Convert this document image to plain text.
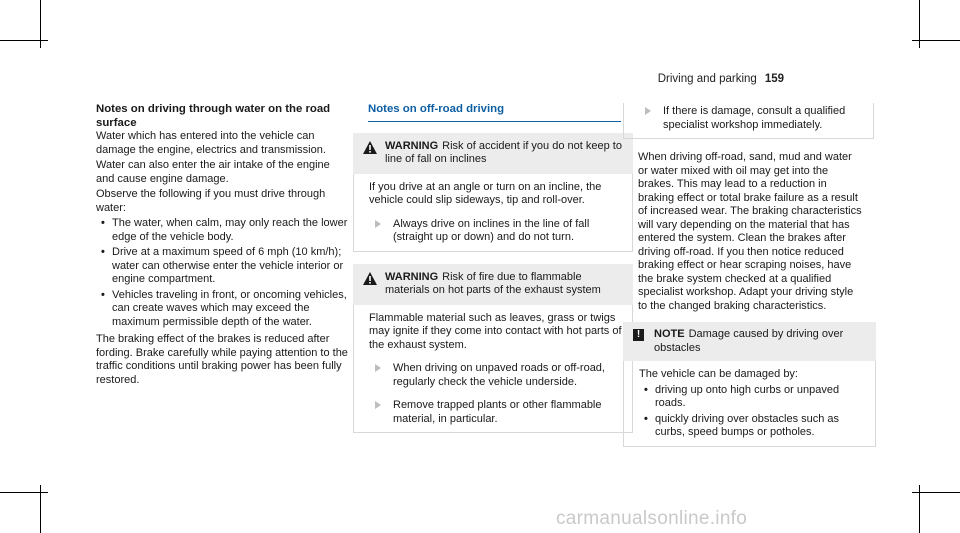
Driving and parking 159
Notes on driving through water on the road surface

Water which has entered into the vehicle can damage the engine, electrics and transmission.

Water can also enter the air intake of the engine and cause engine damage.

Observe the following if you must drive through water:

• The water, when calm, may only reach the lower edge of the vehicle body.
• Drive at a maximum speed of 6 mph (10 km/h); water can otherwise enter the vehicle interior or engine compartment.
• Vehicles traveling in front, or oncoming vehicles, can create waves which may exceed the maximum permissible depth of the water.

The braking effect of the brakes is reduced after fording. Brake carefully while paying attention to the traffic conditions until braking power has been fully restored.

Notes on off-road driving
WARNING Risk of accident if you do not keep to line of fall on inclines

If you drive at an angle or turn on an incline, the vehicle could slip sideways, tip and roll-over.

Always drive on inclines in the line of fall (straight up or down) and do not turn.
WARNING Risk of fire due to flammable materials on hot parts of the exhaust system

Flammable material such as leaves, grass or twigs may ignite if they come into contact with hot parts of the exhaust system.

When driving on unpaved roads or off-road, regularly check the vehicle underside.
Remove trapped plants or other flammable material, in particular.
If there is damage, consult a qualified specialist workshop immediately.

When driving off-road, sand, mud and water or water mixed with oil may get into the brakes. This may lead to a reduction in braking effect or total brake failure as a result of increased wear. The braking characteristics will vary depending on the material that has entered the system. Clean the brakes after driving off-road. If you then notice reduced braking effect or hear scraping noises, have the brake system checked at a qualified specialist workshop. Adapt your driving style to the changed braking characteristics.

!	NOTE Damage caused by driving over obstacles

The vehicle can be damaged by:

• driving up onto high curbs or unpaved roads.
• quickly driving over obstacles such as curbs, speed bumps or potholes.
carmanualsonline.info
